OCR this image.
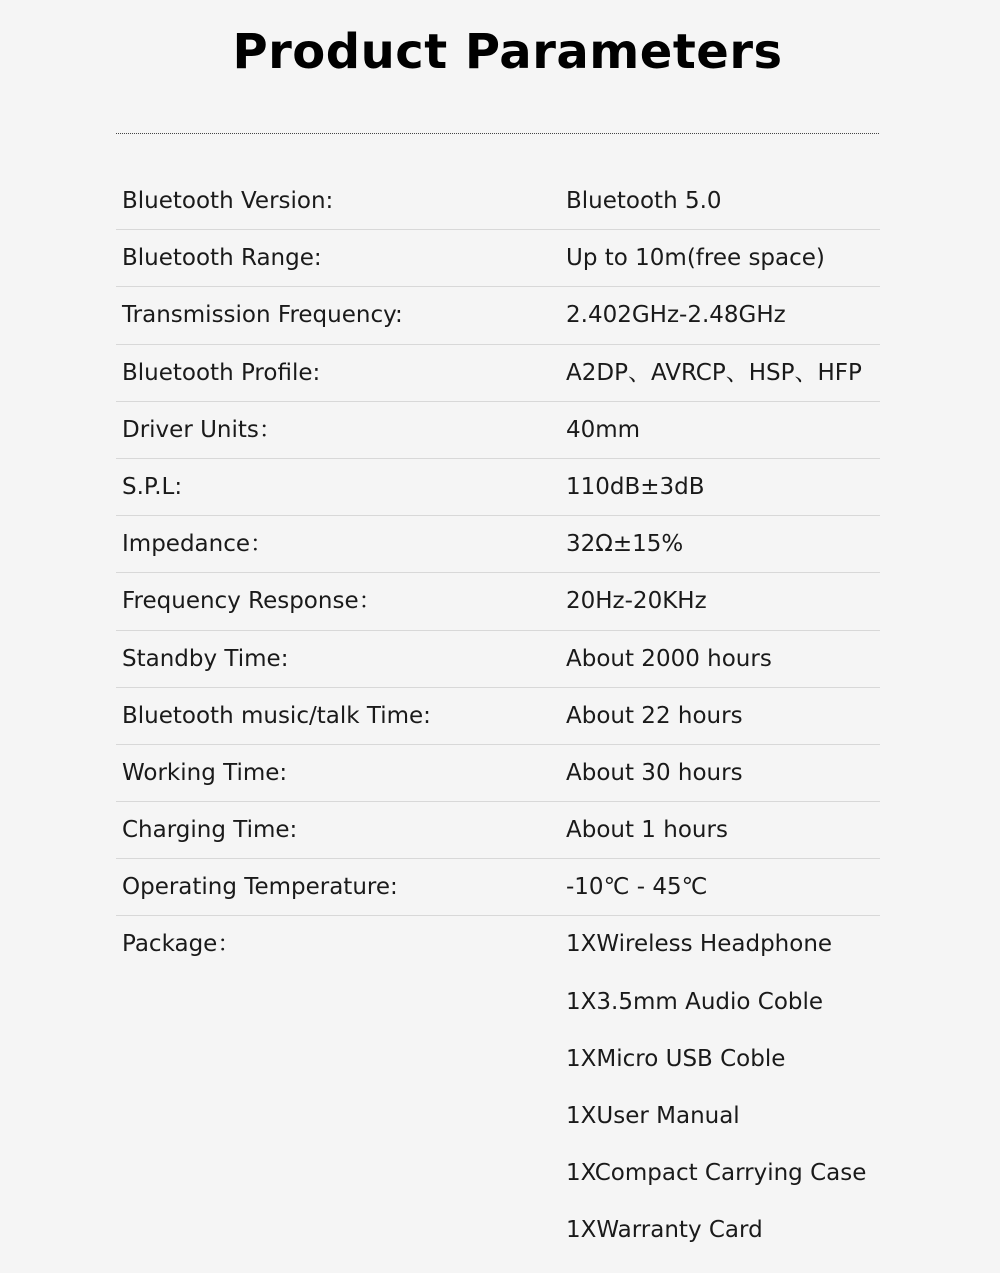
Product Parameters
Bluetooth Version:	Bluetooth 5.0
Bluetooth Range:	Up to 10m(free space)
Transmission Frequency:	2.402GHz-2.48GHz
Bluetooth Profile:	A2DP、AVRCP、HSP、HFP
Driver Units：	40mm
S.P.L:	110dB±3dB
Impedance：	32Ω±15%
Frequency Response：	20Hz-20KHz
Standby Time:	About 2000 hours
Bluetooth music/talk Time:	About 22 hours
Working Time:	About 30 hours
Charging Time:	About 1 hours
Operating Temperature:	-10℃ - 45℃
Package：	1XWireless Headphone
1X3.5mm Audio Coble
1XMicro USB Coble
1XUser Manual
1XCompact Carrying Case
1XWarranty Card
